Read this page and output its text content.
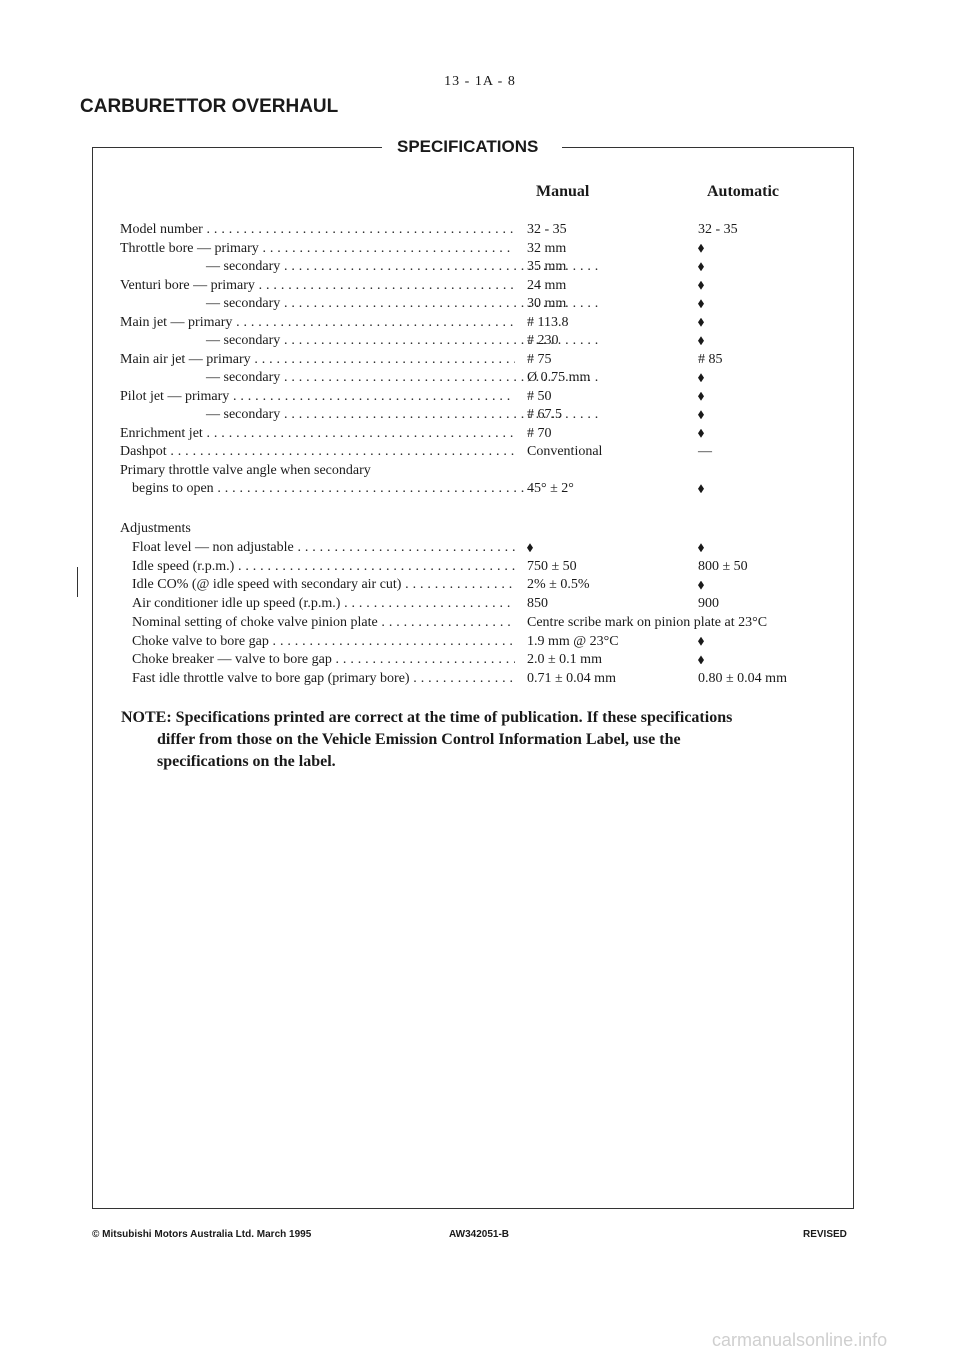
13 - 1A - 8
CARBURETTOR OVERHAUL
SPECIFICATIONS
Manual	Automatic
Model number . . .	32 - 35	32 - 35
Throttle bore — primary . . .	32 mm
— secondary . . .	35 mm
Venturi bore — primary . . .	24 mm
— secondary . . .	30 mm
Main jet — primary . . .	# 113.8
— secondary . . .	# 230
Main air jet — primary . . .	# 75	# 85
— secondary . . .	Ø 0.75 mm
Pilot jet — primary . . .	# 50
— secondary . . .	# 67.5
Enrichment jet . . .	# 70
Dashpot . . .	Conventional	—
Primary throttle valve angle when secondary
begins to open . . .	45° ± 2°
Adjustments
Float level — non adjustable . . .
Idle speed (r.p.m.) . . .	750 ± 50	800 ± 50
Idle CO% (@ idle speed with secondary air cut) . . .	2% ± 0.5%
Air conditioner idle up speed (r.p.m.) . . .	850	900
Nominal setting of choke valve pinion plate . . .	Centre scribe mark on pinion plate at 23°C
Choke valve to bore gap . . .	1.9 mm @ 23°C
Choke breaker — valve to bore gap . . .	2.0 ± 0.1 mm
Fast idle throttle valve to bore gap (primary bore) . . .	0.71 ± 0.04 mm	0.80 ± 0.04 mm
NOTE: Specifications printed are correct at the time of publication. If these specifications
differ from those on the Vehicle Emission Control Information Label, use the
specifications on the label.
© Mitsubishi Motors Australia Ltd. March 1995	AW342051-B	REVISED
carmanualsonline.info
